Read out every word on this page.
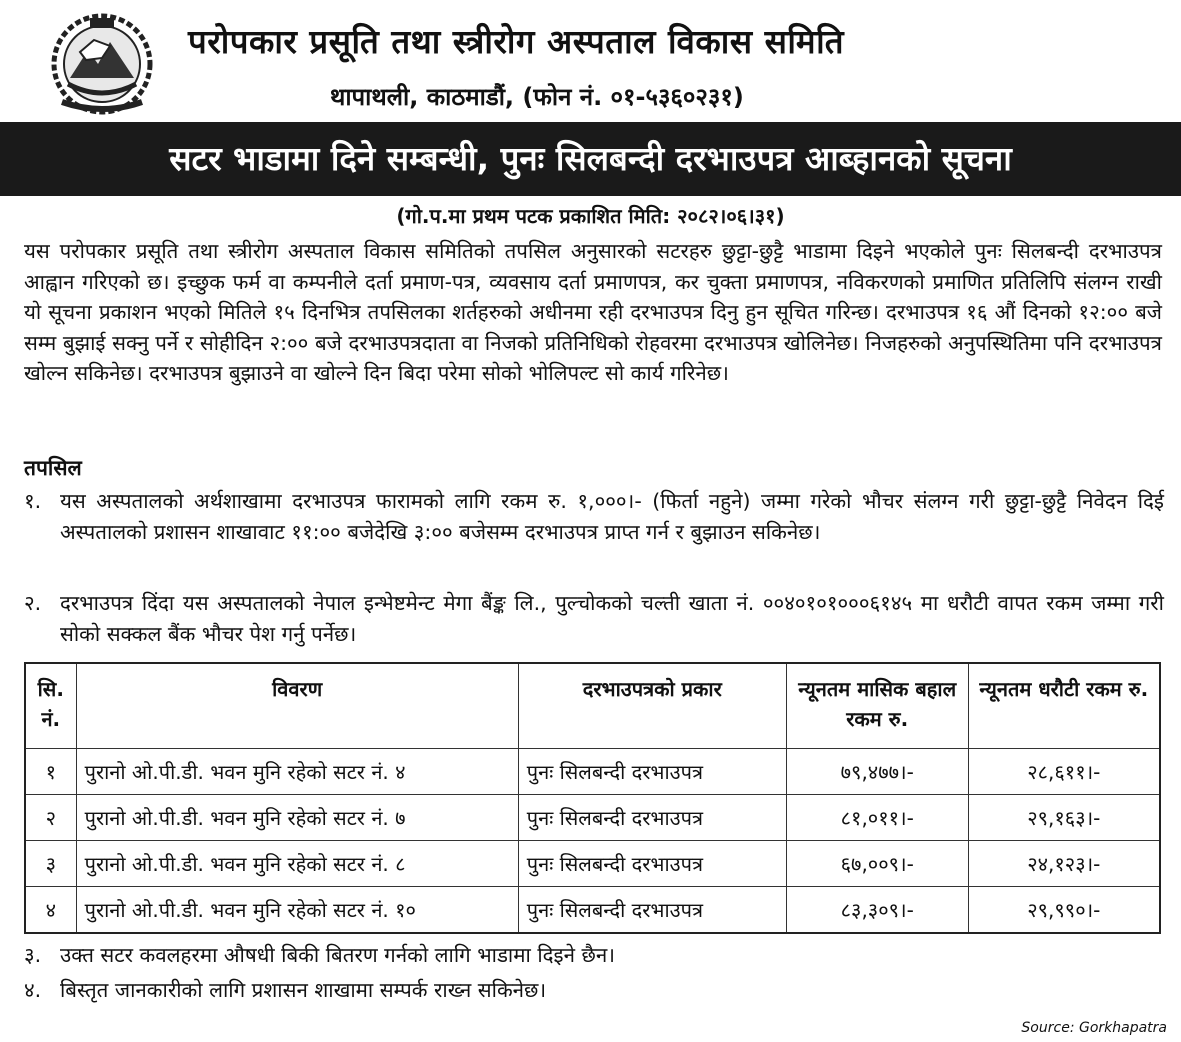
परोपकार प्रसूति तथा स्त्रीरोग अस्पताल विकास समिति
थापाथली, काठमाडौं, (फोन नं. ०१-५३६०२३१)
सटर भाडामा दिने सम्बन्धी, पुनः सिलबन्दी दरभाउपत्र आब्हानको सूचना
(गो.प.मा प्रथम पटक प्रकाशित मिति: २०८२।०६।३१)
यस परोपकार प्रसूति तथा स्त्रीरोग अस्पताल विकास समितिको तपसिल अनुसारको सटरहरु छुट्टा-छुट्टै भाडामा दिइने भएकोले पुनः सिलबन्दी दरभाउपत्र आह्वान गरिएको छ। इच्छुक फर्म वा कम्पनीले दर्ता प्रमाण-पत्र, व्यवसाय दर्ता प्रमाणपत्र, कर चुक्ता प्रमाणपत्र, नविकरणको प्रमाणित प्रतिलिपि संलग्न राखी यो सूचना प्रकाशन भएको मितिले १५ दिनभित्र तपसिलका शर्तहरुको अधीनमा रही दरभाउपत्र दिनु हुन सूचित गरिन्छ। दरभाउपत्र १६ औं दिनको १२:०० बजे सम्म बुझाई सक्नु पर्ने र सोहीदिन २:०० बजे दरभाउपत्रदाता वा निजको प्रतिनिधिको रोहवरमा दरभाउपत्र खोलिनेछ। निजहरुको अनुपस्थितिमा पनि दरभाउपत्र खोल्न सकिनेछ। दरभाउपत्र बुझाउने वा खोल्ने दिन बिदा परेमा सोको भोलिपल्ट सो कार्य गरिनेछ।
तपसिल
१. यस अस्पतालको अर्थशाखामा दरभाउपत्र फारामको लागि रकम रु. १,०००।- (फिर्ता नहुने) जम्मा गरेको भौचर संलग्न गरी छुट्टा-छुट्टै निवेदन दिई अस्पतालको प्रशासन शाखावाट ११:०० बजेदेखि ३:०० बजेसम्म दरभाउपत्र प्राप्त गर्न र बुझाउन सकिनेछ।
२. दरभाउपत्र दिंदा यस अस्पतालको नेपाल इन्भेष्टमेन्ट मेगा बैंङ्क लि., पुल्चोकको चल्ती खाता नं. ००४०१०१०००६१४५ मा धरौटी वापत रकम जम्मा गरी सोको सक्कल बैंक भौचर पेश गर्नु पर्नेछ।
सि. नं.	विवरण	दरभाउपत्रको प्रकार	न्यूनतम मासिक बहाल रकम रु.	न्यूनतम धरौटी रकम रु.
१	पुरानो ओ.पी.डी. भवन मुनि रहेको सटर नं. ४	पुनः सिलबन्दी दरभाउपत्र	७९,४७७।-	२८,६११।-
२	पुरानो ओ.पी.डी. भवन मुनि रहेको सटर नं. ७	पुनः सिलबन्दी दरभाउपत्र	८१,०११।-	२९,१६३।-
३	पुरानो ओ.पी.डी. भवन मुनि रहेको सटर नं. ८	पुनः सिलबन्दी दरभाउपत्र	६७,००९।-	२४,१२३।-
४	पुरानो ओ.पी.डी. भवन मुनि रहेको सटर नं. १०	पुनः सिलबन्दी दरभाउपत्र	८३,३०९।-	२९,९९०।-
३. उक्त सटर कवलहरमा औषधी बिकी बितरण गर्नको लागि भाडामा दिइने छैन।
४. बिस्तृत जानकारीको लागि प्रशासन शाखामा सम्पर्क राख्न सकिनेछ।
Source: Gorkhapatra
